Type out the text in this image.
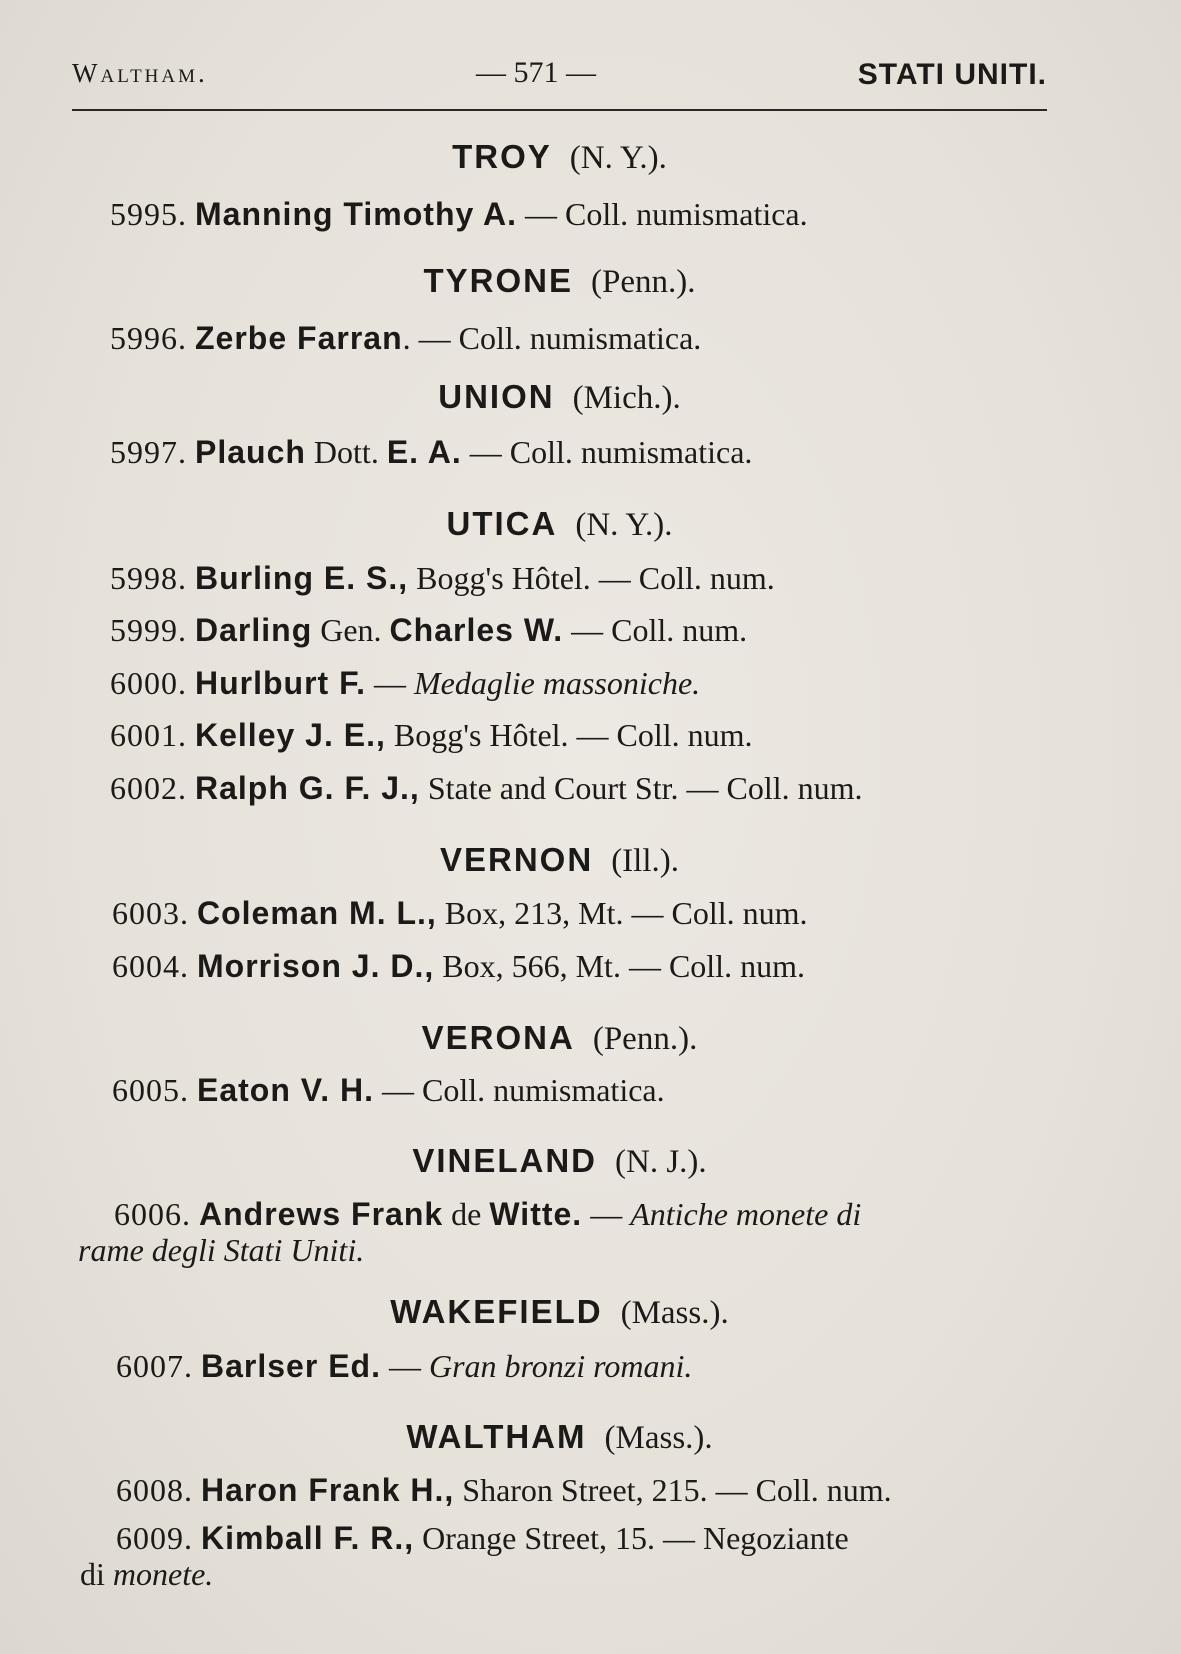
Waltham.	— 571 —	STATI UNITI.
TROY (N. Y.).
5995. Manning Timothy A. — Coll. numismatica.
TYRONE (Penn.).
5996. Zerbe Farran. — Coll. numismatica.
UNION (Mich.).
5997. Plauch Dott. E. A. — Coll. numismatica.
UTICA (N. Y.).
5998. Burling E. S., Bogg's Hôtel. — Coll. num.
5999. Darling Gen. Charles W. — Coll. num.
6000. Hurlburt F. — Medaglie massoniche.
6001. Kelley J. E., Bogg's Hôtel. — Coll. num.
6002. Ralph G. F. J., State and Court Str. — Coll. num.
VERNON (Ill.).
6003. Coleman M. L., Box, 213, Mt. — Coll. num.
6004. Morrison J. D., Box, 566, Mt. — Coll. num.
VERONA (Penn.).
6005. Eaton V. H. — Coll. numismatica.
VINELAND (N. J.).
6006. Andrews Frank de Witte. — Antiche monete di
rame degli Stati Uniti.
WAKEFIELD (Mass.).
6007. Barlser Ed. — Gran bronzi romani.
WALTHAM (Mass.).
6008. Haron Frank H., Sharon Street, 215. — Coll. num.
6009. Kimball F. R., Orange Street, 15. — Negoziante
di monete.
